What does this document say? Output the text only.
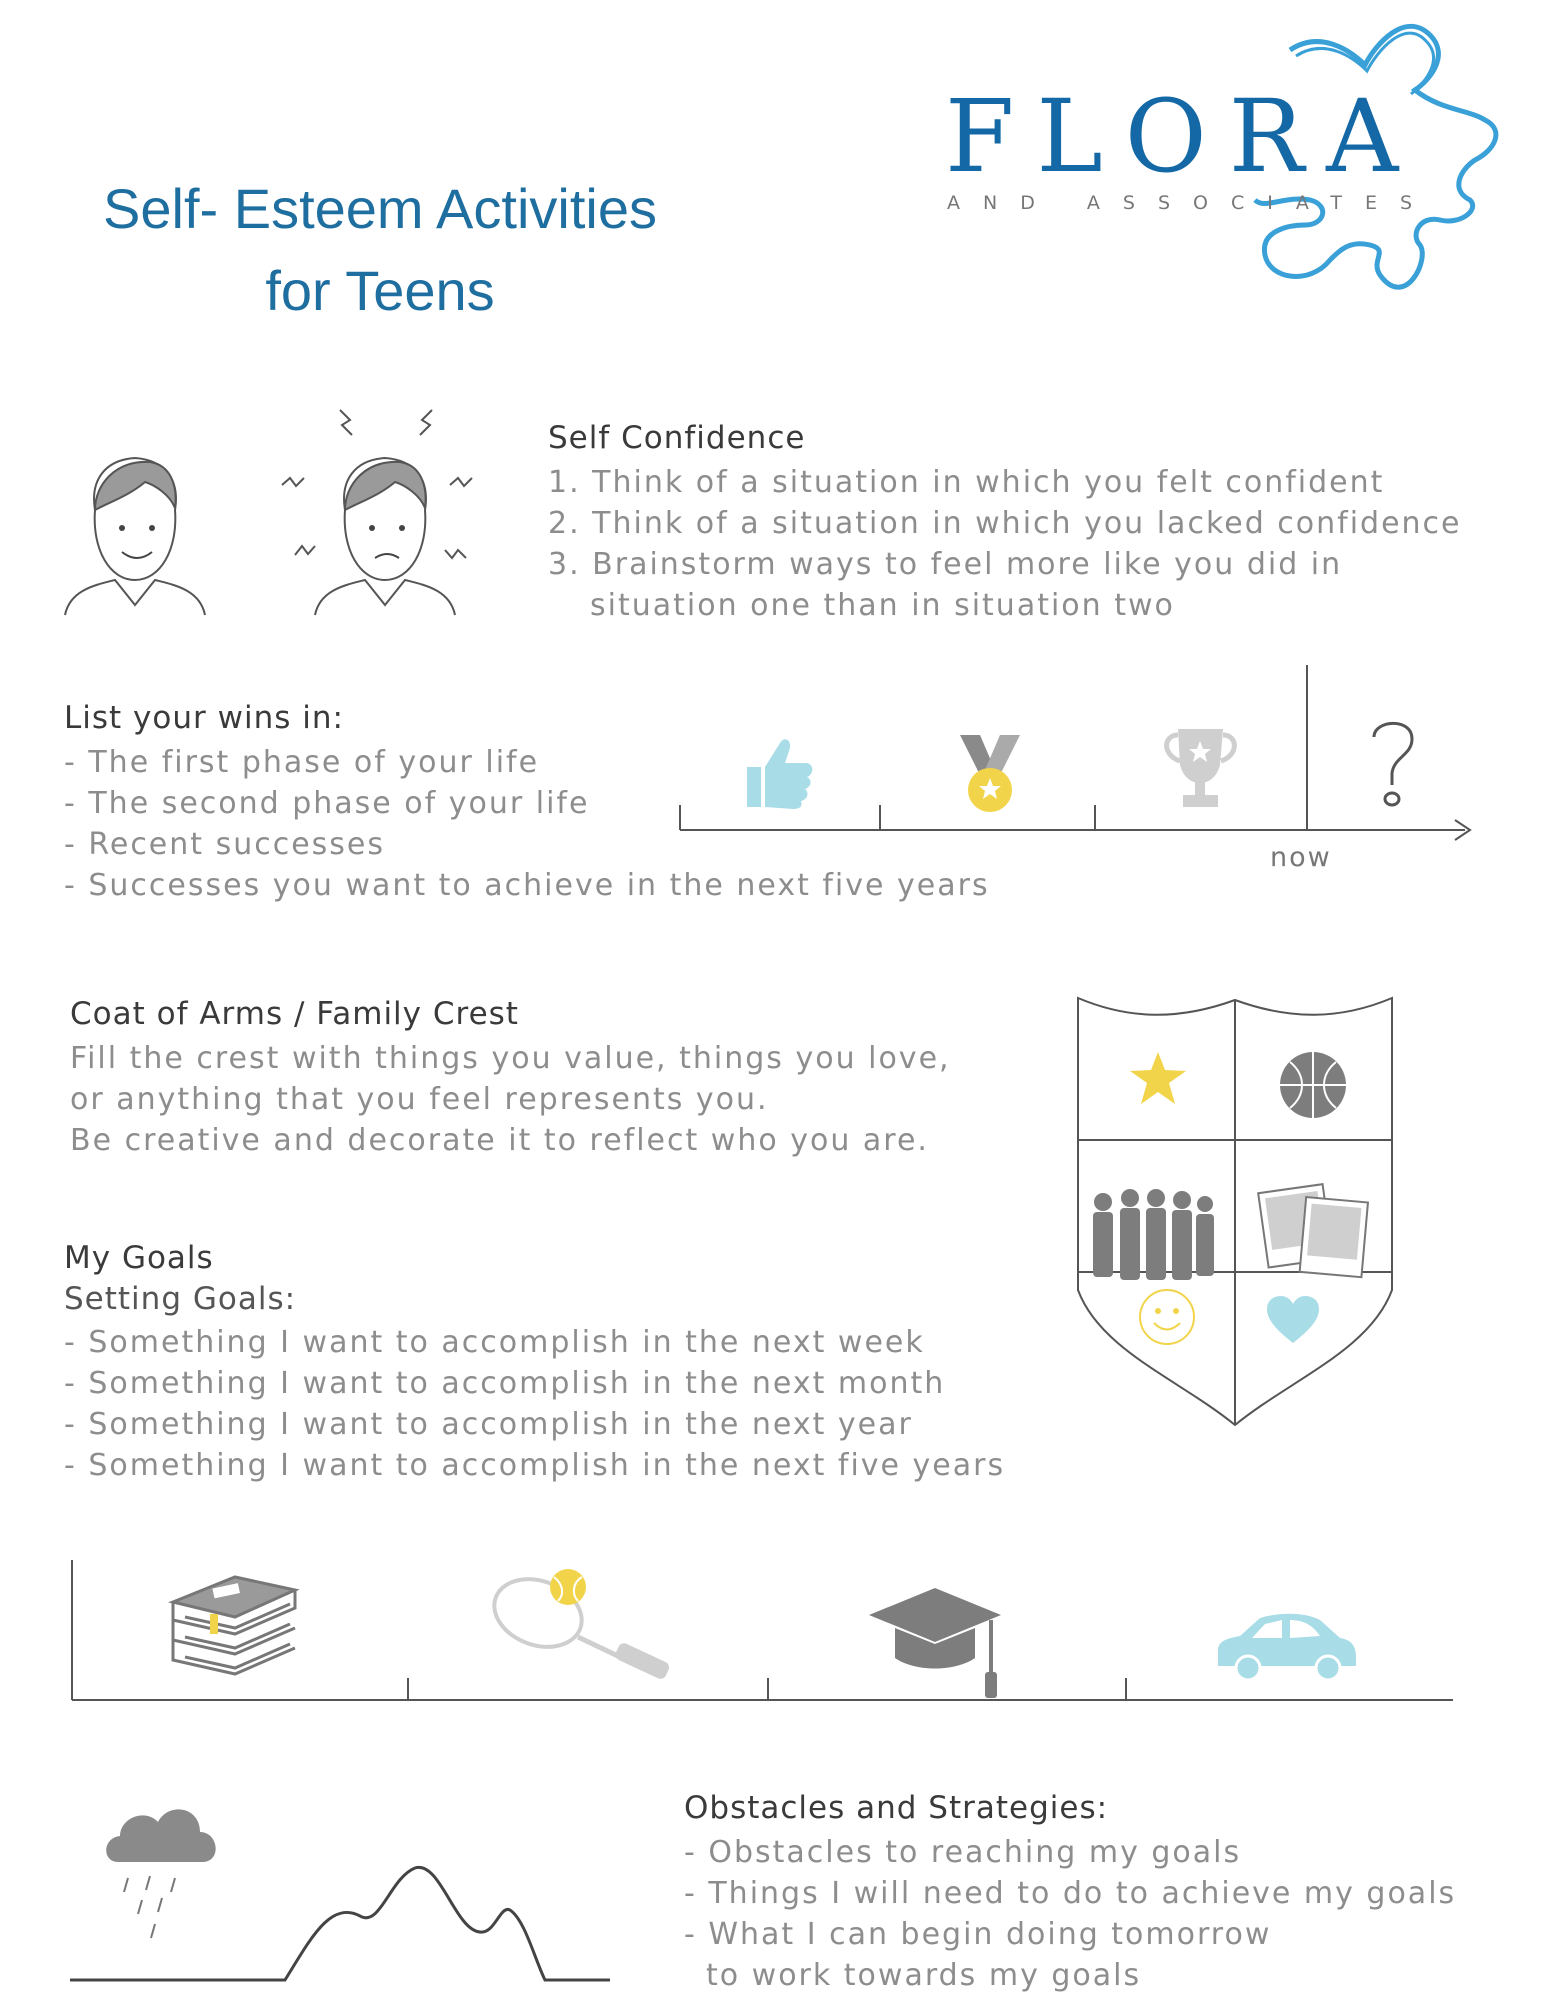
Self- Esteem Activities
for Teens
FLORA
AND ASSOCIATES
Self Confidence
1. Think of a situation in which you felt confident
2. Think of a situation in which you lacked confidence
3. Brainstorm ways to feel more like you did in
situation one than in situation two
List your wins in:
- The first phase of your life
- The second phase of your life
- Recent successes
- Successes you want to achieve in the next five years
now
Coat of Arms / Family Crest
Fill the crest with things you value, things you love,
or anything that you feel represents you.
Be creative and decorate it to reflect who you are.
My Goals
Setting Goals:
- Something I want to accomplish in the next week
- Something I want to accomplish in the next month
- Something I want to accomplish in the next year
- Something I want to accomplish in the next five years
Obstacles and Strategies:
- Obstacles to reaching my goals
- Things I will need to do to achieve my goals
- What I can begin doing tomorrow
to work towards my goals
